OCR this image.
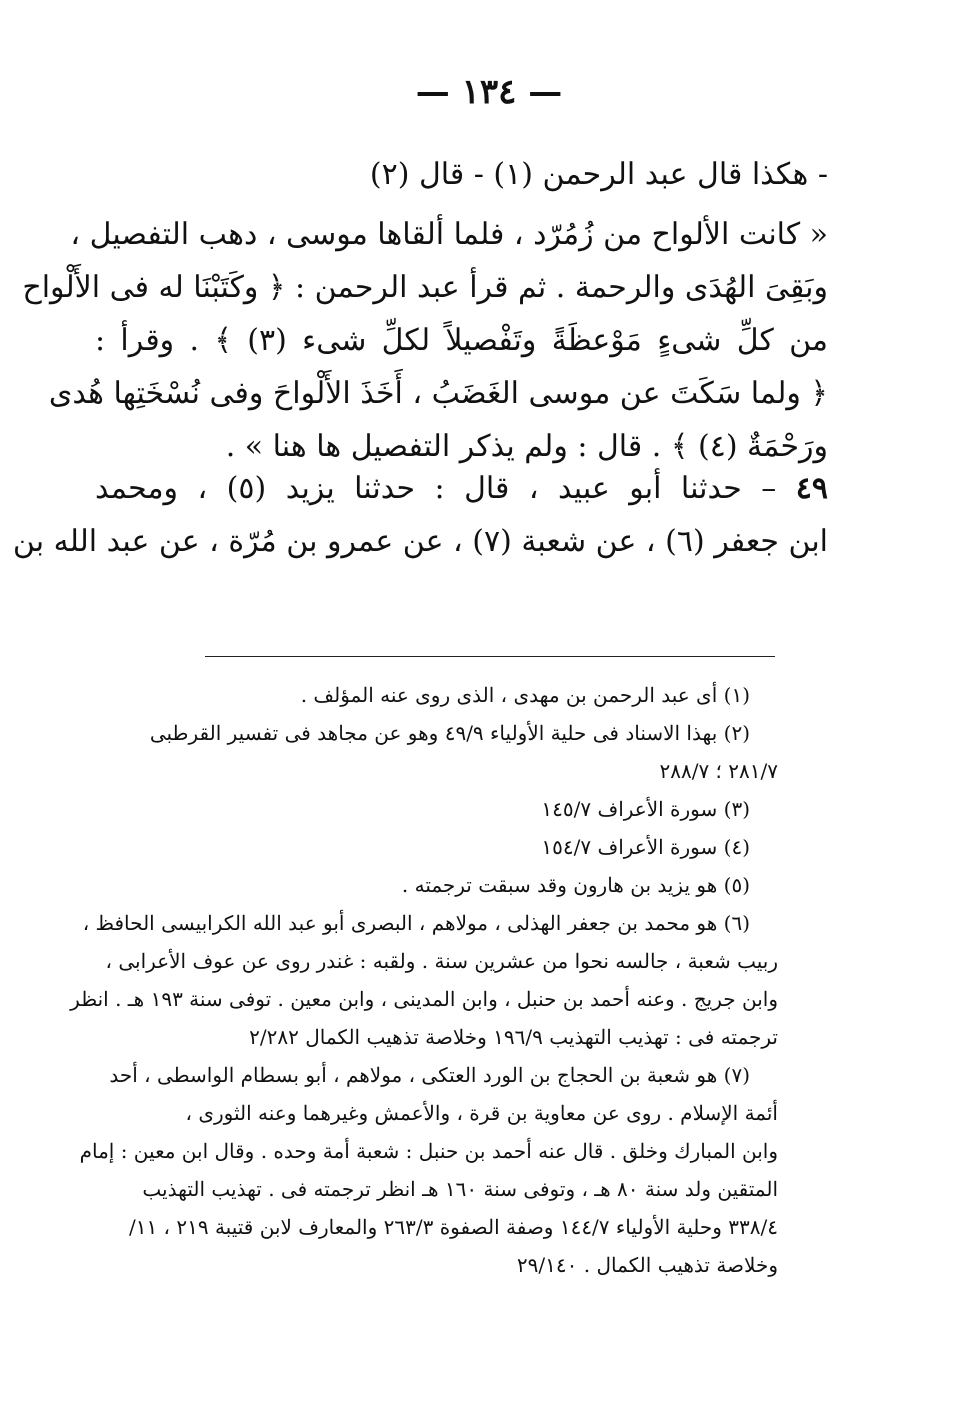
— ١٣٤ —
- هكذا قال عبد الرحمن (١) - قال (٢)
« كانت الألواح من زُمُرّد ، فلما ألقاها موسى ، دهب التفصيل ،
وبَقِىَ الهُدَى والرحمة . ثم قرأ عبد الرحمن : ﴿ وكَتَبْنَا له فى الأَلْواح
من كلِّ شىءٍ مَوْعظَةً وتَفْصيلاً لكلِّ شىء (٣) ﴾ . وقرأ :
﴿ ولما سَكَتَ عن موسى الغَضَبُ ، أَخَذَ الأَلْواحَ وفى نُسْخَتِها هُدى
ورَحْمَةٌ (٤) ﴾ . قال : ولم يذكر التفصيل ها هنا » .
٤٩ – حدثنا أبو عبيد ، قال : حدثنا يزيد (٥) ، ومحمد
ابن جعفر (٦) ، عن شعبة (٧) ، عن عمرو بن مُرّة ، عن عبد الله بن
(١) أى عبد الرحمن بن مهدى ، الذى روى عنه المؤلف .
(٢) بهذا الاسناد فى حلية الأولياء ٤٩/٩ وهو عن مجاهد فى تفسير القرطبى
٢٨١/٧ ؛ ٢٨٨/٧
(٣) سورة الأعراف ١٤٥/٧
(٤) سورة الأعراف ١٥٤/٧
(٥) هو يزيد بن هارون وقد سبقت ترجمته .
(٦) هو محمد بن جعفر الهذلى ، مولاهم ، البصرى أبو عبد الله الكرابيسى الحافظ ،
ربيب شعبة ، جالسه نحوا من عشرين سنة . ولقبه : غندر روى عن عوف الأعرابى ،
وابن جريج . وعنه أحمد بن حنبل ، وابن المدينى ، وابن معين . توفى سنة ١٩٣ هـ . انظر
ترجمته فى : تهذيب التهذيب ١٩٦/٩ وخلاصة تذهيب الكمال ٢/٢٨٢
(٧) هو شعبة بن الحجاج بن الورد العتكى ، مولاهم ، أبو بسطام الواسطى ، أحد
أئمة الإسلام . روى عن معاوية بن قرة ، والأعمش وغيرهما وعنه الثورى ،
وابن المبارك وخلق . قال عنه أحمد بن حنبل : شعبة أمة وحده . وقال ابن معين : إمام
المتقين ولد سنة ٨٠ هـ ، وتوفى سنة ١٦٠ هـ انظر ترجمته فى . تهذيب التهذيب
٣٣٨/٤ وحلية الأولياء ١٤٤/٧ وصفة الصفوة ٢٦٣/٣ والمعارف لابن قتيبة ٢١٩ ، ١١/
وخلاصة تذهيب الكمال . ٢٩/١٤٠
